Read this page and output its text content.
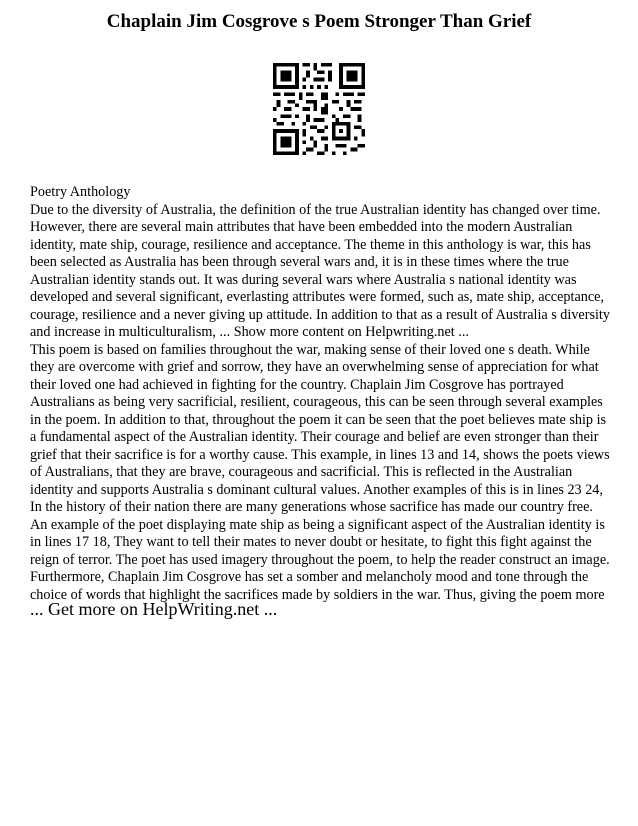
Chaplain Jim Cosgrove s Poem Stronger Than Grief

Poetry Anthology

Due to the diversity of Australia, the definition of the true Australian identity has changed over time. However, there are several main attributes that have been embedded into the modern Australian identity, mate ship, courage, resilience and acceptance. The theme in this anthology is war, this has been selected as Australia has been through several wars and, it is in these times where the true Australian identity stands out. It was during several wars where Australia s national identity was developed and several significant, everlasting attributes were formed, such as, mate ship, acceptance, courage, resilience and a never giving up attitude. In addition to that as a result of Australia s diversity and increase in multiculturalism, ... Show more content on Helpwriting.net ...

This poem is based on families throughout the war, making sense of their loved one s death. While they are overcome with grief and sorrow, they have an overwhelming sense of appreciation for what their loved one had achieved in fighting for the country. Chaplain Jim Cosgrove has portrayed Australians as being very sacrificial, resilient, courageous, this can be seen through several examples in the poem. In addition to that, throughout the poem it can be seen that the poet believes mate ship is a fundamental aspect of the Australian identity. Their courage and belief are even stronger than their grief that their sacrifice is for a worthy cause. This example, in lines 13 and 14, shows the poets views of Australians, that they are brave, courageous and sacrificial. This is reflected in the Australian identity and supports Australia s dominant cultural values. Another examples of this is in lines 23 24, In the history of their nation there are many generations whose sacrifice has made our country free. An example of the poet displaying mate ship as being a significant aspect of the Australian identity is in lines 17 18, They want to tell their mates to never doubt or hesitate, to fight this fight against the reign of terror. The poet has used imagery throughout the poem, to help the reader construct an image. Furthermore, Chaplain Jim Cosgrove has set a somber and melancholy mood and tone through the choice of words that highlight the sacrifices made by soldiers in the war. Thus, giving the poem more

... Get more on HelpWriting.net ...
